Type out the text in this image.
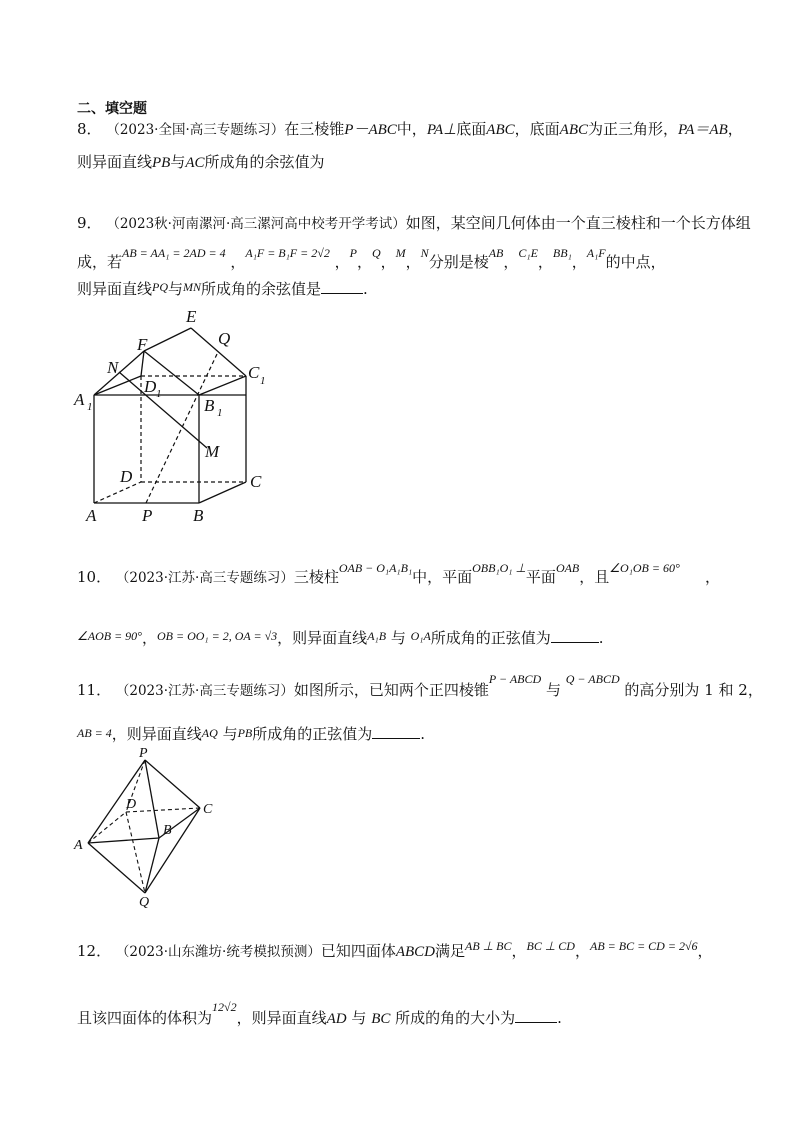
二、填空题
8． （2023·全国·高三专题练习）在三棱锥P－ABC中，PA⊥底面ABC，底面ABC为正三角形，PA＝AB，
则异面直线PB与AC所成角的余弦值为
9． （2023秋·河南漯河·高三漯河高中校考开学考试）如图，某空间几何体由一个直三棱柱和一个长方体组
成，若$^{AB = AA_1 = 2AD = 4}$ ，$^{A_1F = B_1F = 2√2}$ ，$^P$，$^Q$，$^M$，$^N$分别是棱$^{AB}$，$^{C_1E}$，$^{BB_1}$，$^{A_1F}$的中点，
则异面直线$^{PQ}$与$^{MN}$所成角的余弦值是	.
E
Q
F
N	C 1
D 1
A 1	B 1
M
D	C
A	P B
10． （2023·江苏·高三专题练习）三棱柱$^{OAB - O_1A_1B_1}$中，平面$^{OBB_1O_1 \perp}$平面$^{OAB}$，且$^{\angle O_1OB = 60^\circ}$ ，
$^{\angle AOB = 90^\circ}$，$^{OB = OO_1 = 2, OA = √3}$，则异面直线$^{A_1B}$ 与 $^{O_1A}$所成角的正弦值为	.
11． （2023·江苏·高三专题练习）如图所示，已知两个正四棱锥$^{P - ABCD}$ 与 $^{Q - ABCD}$ 的高分别为 1 和 2，
AB = 4，则异面直线AQ 与PB所成角的正弦值为	.
P
D	C
B
A
Q
12． （2023·山东潍坊·统考模拟预测）已知四面体ABCD满足$^{AB \perp BC}$，$^{BC \perp CD}$，$^{AB = BC = CD = 2√6}$，
且该四面体的体积为$^{12√2}$，则异面直线AD 与 BC 所成的角的大小为	.
